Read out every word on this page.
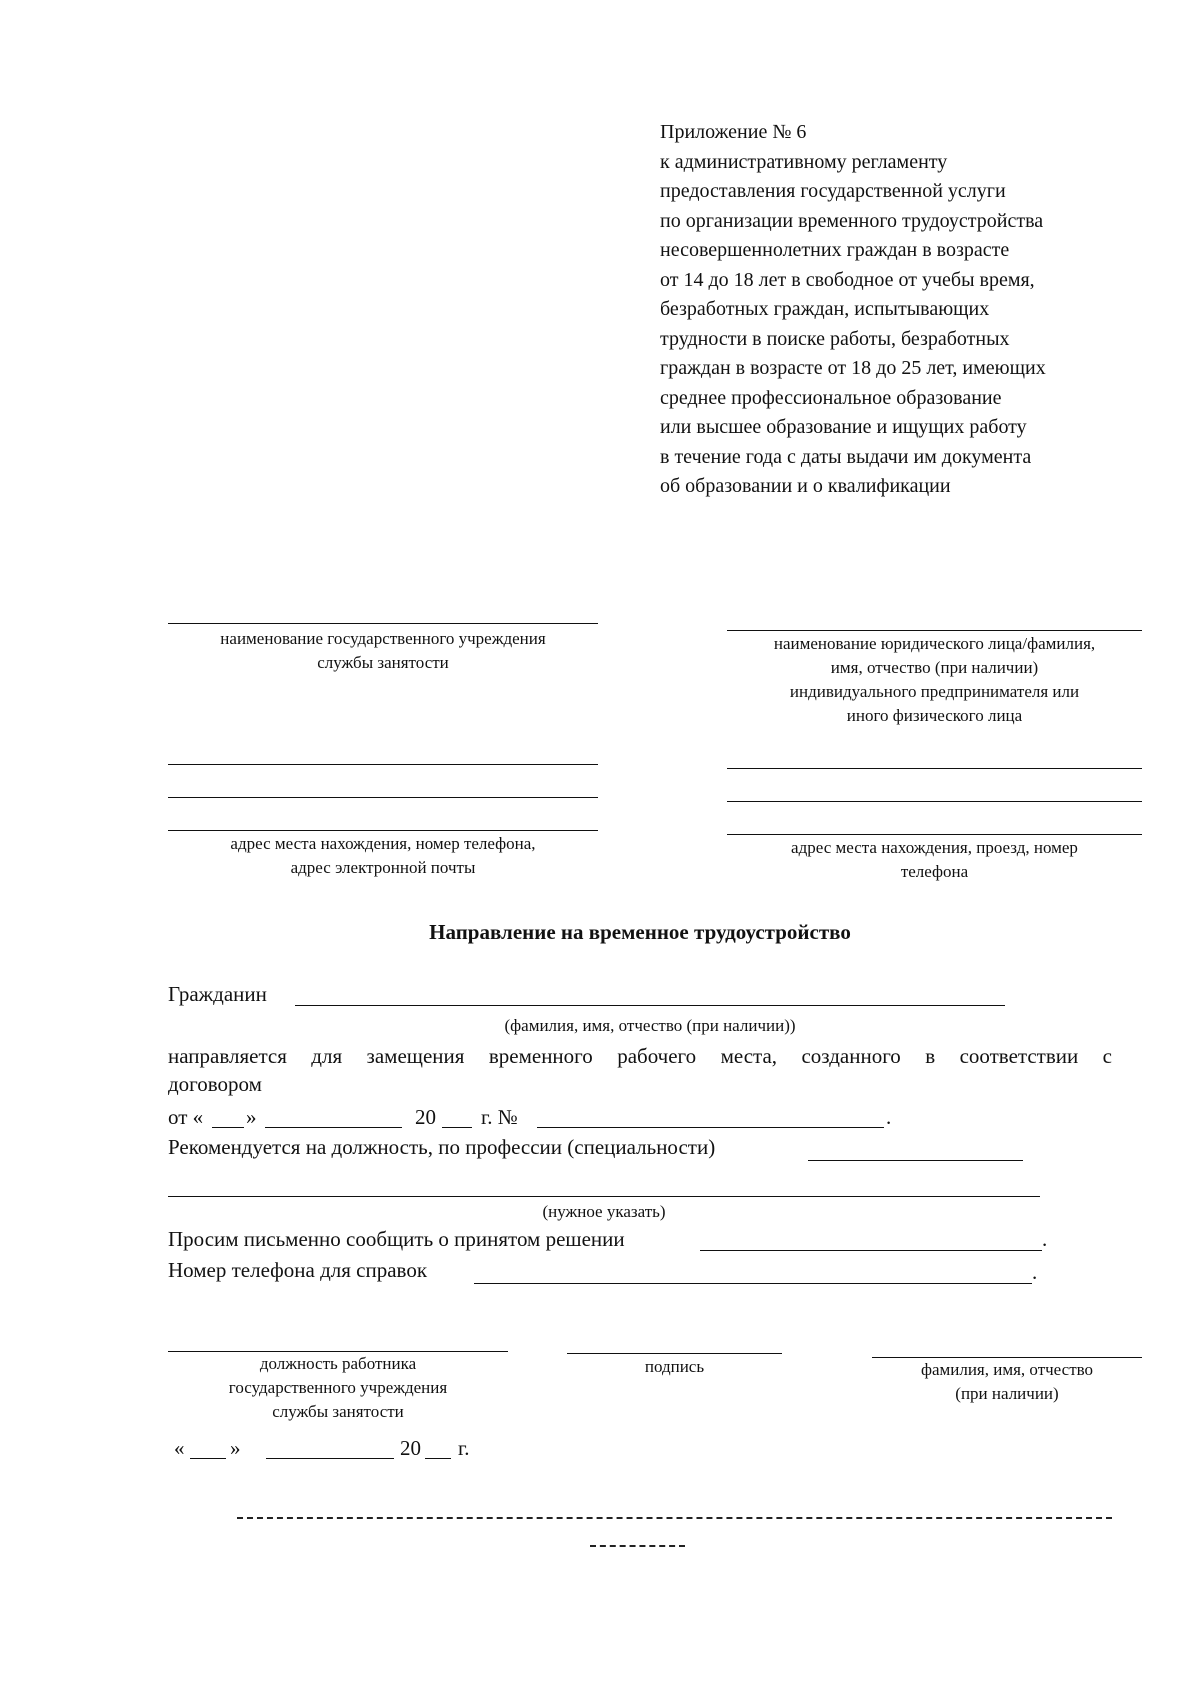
Приложение № 6
к административному регламенту
предоставления государственной услуги
по организации временного трудоустройства
несовершеннолетних граждан в возрасте
от 14 до 18 лет в свободное от учебы время,
безработных граждан, испытывающих
трудности в поиске работы, безработных
граждан в возрасте от 18 до 25 лет, имеющих
среднее профессиональное образование
или высшее образование и ищущих работу
в течение года с даты выдачи им документа
об образовании и о квалификации
наименование государственного учреждения
службы занятости
адрес места нахождения, номер телефона,
адрес электронной почты
наименование юридического лица/фамилия,
имя, отчество (при наличии)
индивидуального предпринимателя или
иного физического лица
адрес места нахождения, проезд, номер
телефона
Направление на временное трудоустройство
Гражданин
(фамилия, имя, отчество (при наличии))
направляется для замещения временного рабочего места, созданного в соответствии с
договором
от « »	20 г. №	.
Рекомендуется на должность, по профессии (специальности)
(нужное указать)
Просим письменно сообщить о принятом решении	.
Номер телефона для справок	.
должность работника
государственного учреждения
службы занятости
подпись	фамилия, имя, отчество
(при наличии)
« »	20 г.
